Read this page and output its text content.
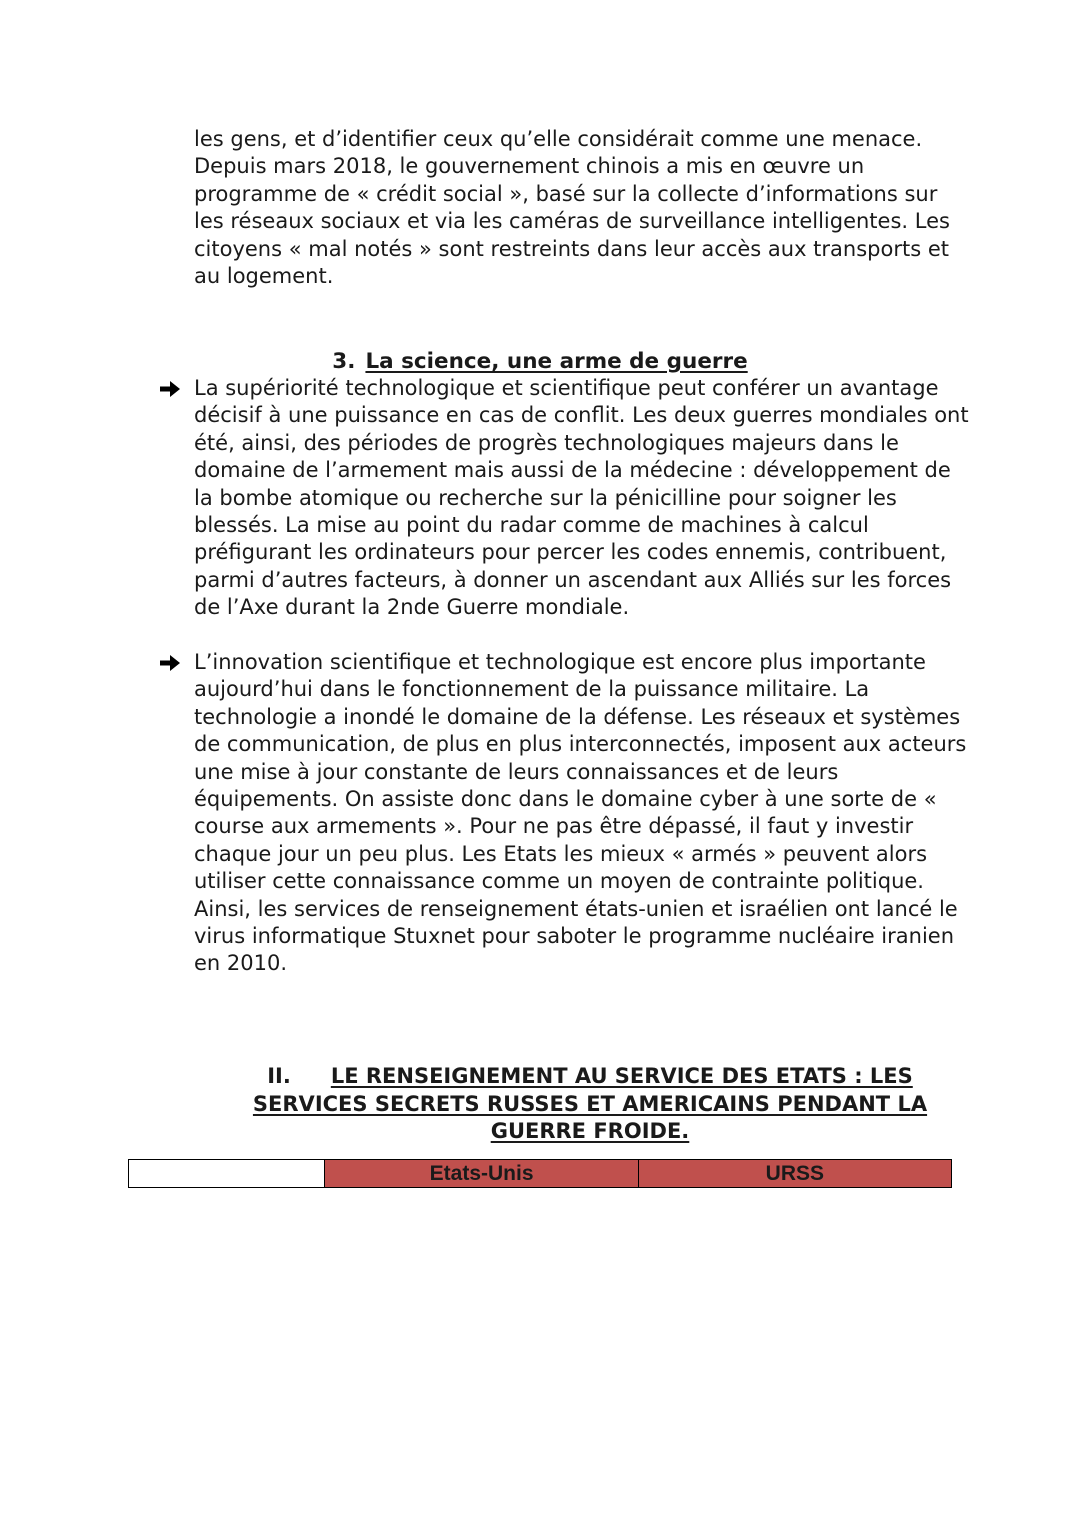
les gens, et d’identifier ceux qu’elle considérait comme une menace. Depuis mars 2018, le gouvernement chinois a mis en œuvre un programme de « crédit social », basé sur la collecte d’informations sur les réseaux sociaux et via les caméras de surveillance intelligentes. Les citoyens « mal notés » sont restreints dans leur accès aux transports et au logement.

3. La science, une arme de guerre

La supériorité technologique et scientifique peut conférer un avantage décisif à une puissance en cas de conflit. Les deux guerres mondiales ont été, ainsi, des périodes de progrès technologiques majeurs dans le domaine de l’armement mais aussi de la médecine : développement de la bombe atomique ou recherche sur la pénicilline pour soigner les blessés. La mise au point du radar comme de machines à calcul préfigurant les ordinateurs pour percer les codes ennemis, contribuent, parmi d’autres facteurs, à donner un ascendant aux Alliés sur les forces de l’Axe durant la 2nde Guerre mondiale.

L’innovation scientifique et technologique est encore plus importante aujourd’hui dans le fonctionnement de la puissance militaire. La technologie a inondé le domaine de la défense. Les réseaux et systèmes de communication, de plus en plus interconnectés, imposent aux acteurs une mise à jour constante de leurs connaissances et de leurs équipements. On assiste donc dans le domaine cyber à une sorte de « course aux armements ». Pour ne pas être dépassé, il faut y investir chaque jour un peu plus. Les Etats les mieux « armés » peuvent alors utiliser cette connaissance comme un moyen de contrainte politique. Ainsi, les services de renseignement états-unien et israélien ont lancé le virus informatique Stuxnet pour saboter le programme nucléaire iranien en 2010.

II. LE RENSEIGNEMENT AU SERVICE DES ETATS : LES SERVICES SECRETS RUSSES ET AMERICAINS PENDANT LA GUERRE FROIDE.
	Etats-Unis	URSS
